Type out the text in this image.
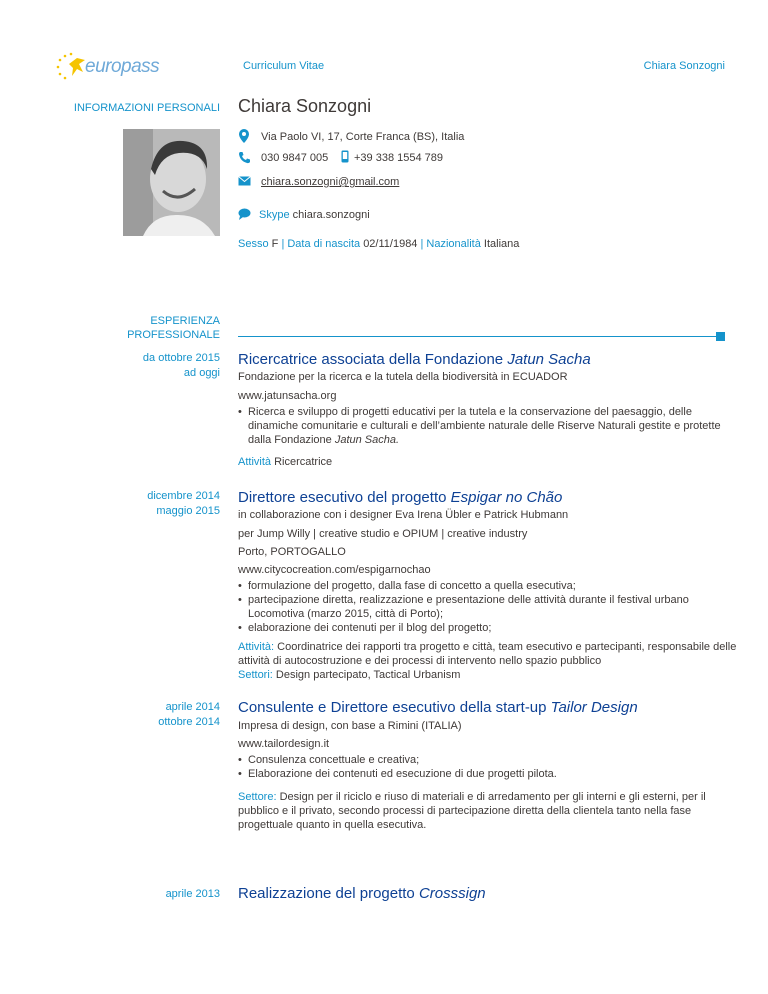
europass	Curriculum Vitae	Chiara Sonzogni
INFORMAZIONI PERSONALI Chiara Sonzogni
Via Paolo VI, 17, Corte Franca (BS), Italia
030 9847 005 +39 338 1554 789
chiara.sonzogni@gmail.com
Skype chiara.sonzogni
Sesso F | Data di nascita 02/11/1984 | Nazionalità Italiana
ESPERIENZA
PROFESSIONALE
da ottobre 2015
ad oggi
Ricercatrice associata della Fondazione Jatun Sacha
Fondazione per la ricerca e la tutela della biodiversità in ECUADOR
www.jatunsacha.org
• Ricerca e sviluppo di progetti educativi per la tutela e la conservazione del paesaggio, delle
dinamiche comunitarie e culturali e dell’ambiente naturale delle Riserve Naturali gestite e protette
dalla Fondazione Jatun Sacha.
Attività Ricercatrice
dicembre 2014
maggio 2015
Direttore esecutivo del progetto Espigar no Chão
in collaborazione con i designer Eva Irena Übler e Patrick Hubmann
per Jump Willy | creative studio e OPIUM | creative industry
Porto, PORTOGALLO
www.citycocreation.com/espigarnochao
• formulazione del progetto, dalla fase di concetto a quella esecutiva;
• partecipazione diretta, realizzazione e presentazione delle attività durante il festival urbano
Locomotiva (marzo 2015, città di Porto);
• elaborazione dei contenuti per il blog del progetto;
Attività: Coordinatrice dei rapporti tra progetto e città, team esecutivo e partecipanti, responsabile delle
attività di autocostruzione e dei processi di intervento nello spazio pubblico
Settori: Design partecipato, Tactical Urbanism
aprile 2014
ottobre 2014
Consulente e Direttore esecutivo della start-up Tailor Design
Impresa di design, con base a Rimini (ITALIA)
www.tailordesign.it
• Consulenza concettuale e creativa;
• Elaborazione dei contenuti ed esecuzione di due progetti pilota.
Settore: Design per il riciclo e riuso di materiali e di arredamento per gli interni e gli esterni, per il
pubblico e il privato, secondo processi di partecipazione diretta della clientela tanto nella fase
progettuale quanto in quella esecutiva.
aprile 2013 Realizzazione del progetto Crosssign
